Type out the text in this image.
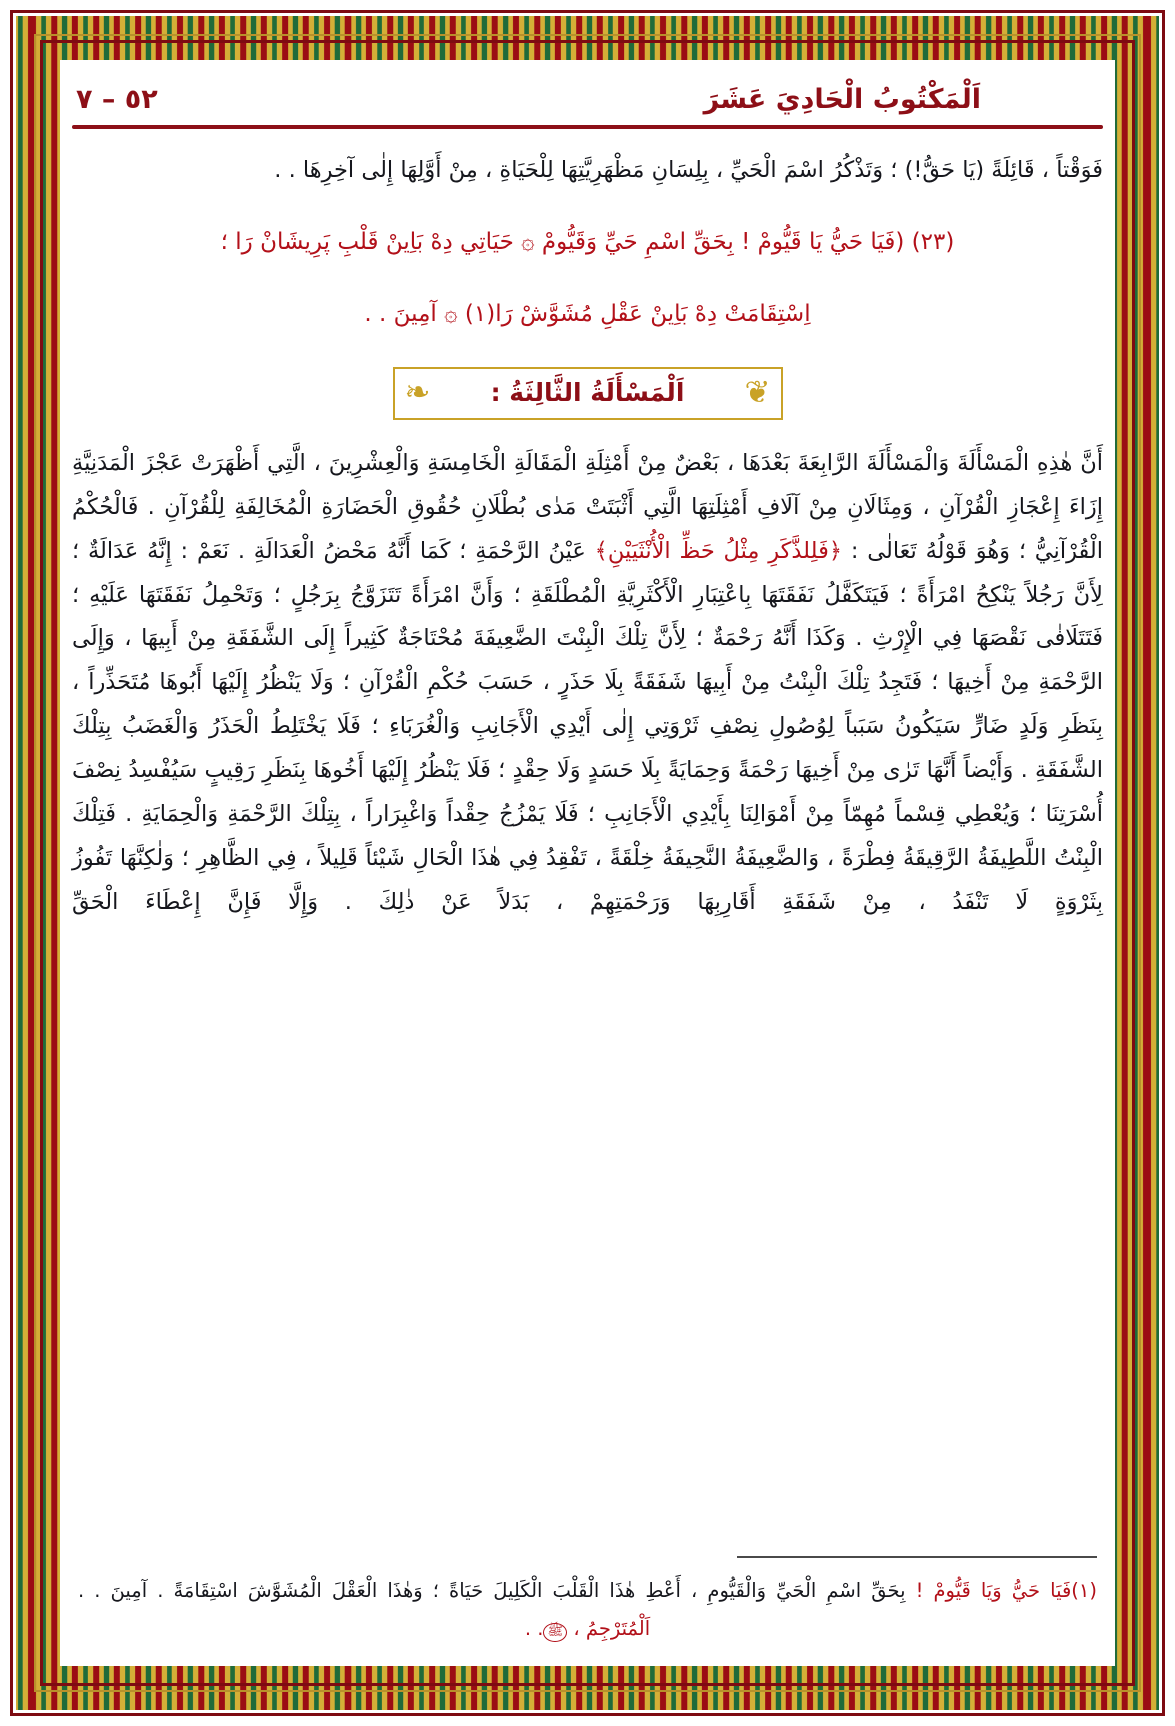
٥٢ – ٧	اَلْمَكْتُوبُ الْحَادِيَ عَشَرَ

فَوَقْتاً ، قَائِلَةً (يَا حَقُّ!) ؛ وَتَذْكُرُ اسْمَ الْحَيِّ ، بِلِسَانِ مَظْهَرِيَّتِهَا لِلْحَيَاةِ ، مِنْ أَوَّلِهَا إِلٰى آخِرِهَا . .

(٢٣) (فَيَا حَيُّ يَا قَيُّومْ ! بِحَقِّ اسْمِ حَيِّ وَقَيُّومْ ۞ حَيَاتِي دِهْ بَاِينْ قَلْبِ پَرِيشَانْ رَا ؛

اِسْتِقَامَتْ دِهْ بَاِينْ عَقْلِ مُشَوَّشْ رَا(١) ۞ آمِينَ . .

❦
اَلْمَسْأَلَةُ الثَّالِثَةُ :
❧

أَنَّ هٰذِهِ الْمَسْأَلَةَ وَالْمَسْأَلَةَ الرَّابِعَةَ بَعْدَهَا ، بَعْضٌ مِنْ أَمْثِلَةِ الْمَقَالَةِ الْخَامِسَةِ وَالْعِشْرِينَ ، الَّتِي أَظْهَرَتْ عَجْزَ الْمَدَنِيَّةِ إِزَاءَ إِعْجَازِ الْقُرْآنِ ، وَمِثَالَانِ مِنْ آلَافِ أَمْثِلَتِهَا الَّتِي أَثْبَتَتْ مَدٰى بُطْلَانِ حُقُوقِ الْحَضَارَةِ الْمُخَالِفَةِ لِلْقُرْآنِ . فَالْحُكْمُ الْقُرْآنِيُّ ؛ وَهُوَ قَوْلُهُ تَعَالٰى : ﴿فَلِلذَّكَرِ مِثْلُ حَظِّ الْأُنْثَيَيْنِ﴾ عَيْنُ الرَّحْمَةِ ؛ كَمَا أَنَّهُ مَحْضُ الْعَدَالَةِ . نَعَمْ : إِنَّهُ عَدَالَةٌ ؛ لِأَنَّ رَجُلاً يَنْكِحُ امْرَأَةً ؛ فَيَتَكَفَّلُ نَفَقَتَهَا بِاعْتِبَارِ الْأَكْثَرِيَّةِ الْمُطْلَقَةِ ؛ وَأَنَّ امْرَأَةً تَتَزَوَّجُ بِرَجُلٍ ؛ وَتَحْمِلُ نَفَقَتَهَا عَلَيْهِ ؛ فَتَتَلَافٰى نَقْصَهَا فِي الْإِرْثِ . وَكَذَا أَنَّهُ رَحْمَةٌ ؛ لِأَنَّ تِلْكَ الْبِنْتَ الضَّعِيفَةَ مُحْتَاجَةٌ كَثِيراً إِلَى الشَّفَقَةِ مِنْ أَبِيهَا ، وَإِلَى الرَّحْمَةِ مِنْ أَخِيهَا ؛ فَتَجِدُ تِلْكَ الْبِنْتُ مِنْ أَبِيهَا شَفَقَةً بِلَا حَذَرٍ ، حَسَبَ حُكْمِ الْقُرْآنِ ؛ وَلَا يَنْظُرُ إِلَيْهَا أَبُوهَا مُتَحَذِّراً ، بِنَظَرِ وَلَدٍ ضَارٍّ سَيَكُونُ سَبَباً لِوُصُولِ نِصْفِ ثَرْوَتِي إِلٰى أَيْدِي الْأَجَانِبِ وَالْغُرَبَاءِ ؛ فَلَا يَخْتَلِطُ الْحَذَرُ وَالْغَضَبُ بِتِلْكَ الشَّفَقَةِ . وَأَيْضاً أَنَّهَا تَرٰى مِنْ أَخِيهَا رَحْمَةً وَحِمَايَةً بِلَا حَسَدٍ وَلَا حِقْدٍ ؛ فَلَا يَنْظُرُ إِلَيْهَا أَخُوهَا بِنَظَرِ رَقِيبٍ سَيُفْسِدُ نِصْفَ أُسْرَتِنَا ؛ وَيُعْطِي قِسْماً مُهِمّاً مِنْ أَمْوَالِنَا بِأَيْدِي الْأَجَانِبِ ؛ فَلَا يَمْزُجُ حِقْداً وَاغْبِرَاراً ، بِتِلْكَ الرَّحْمَةِ وَالْحِمَايَةِ . فَتِلْكَ الْبِنْتُ اللَّطِيفَةُ الرَّقِيقَةُ فِطْرَةً ، وَالضَّعِيفَةُ النَّحِيفَةُ خِلْقَةً ، تَفْقِدُ فِي هٰذَا الْحَالِ شَيْئاً قَلِيلاً ، فِي الظَّاهِرِ ؛ وَلٰكِنَّهَا تَفُوزُ بِثَرْوَةٍ لَا تَنْفَدُ ، مِنْ شَفَقَةِ أَقَارِبِهَا وَرَحْمَتِهِمْ ، بَدَلاً عَنْ ذٰلِكَ . وَإِلَّا فَإِنَّ إِعْطَاءَ الْحَقِّ

(١)فَيَا حَيُّ وَيَا قَيُّومْ ! بِحَقِّ اسْمِ الْحَيِّ وَالْقَيُّومِ ، أَعْطِ هٰذَا الْقَلْبَ الْكَلِيلَ حَيَاةً ؛ وَهٰذَا الْعَقْلَ الْمُشَوَّشَ اسْتِقَامَةً . آمِينَ . .

اَلْمُتَرْجِمُ ، ﷺ. .
